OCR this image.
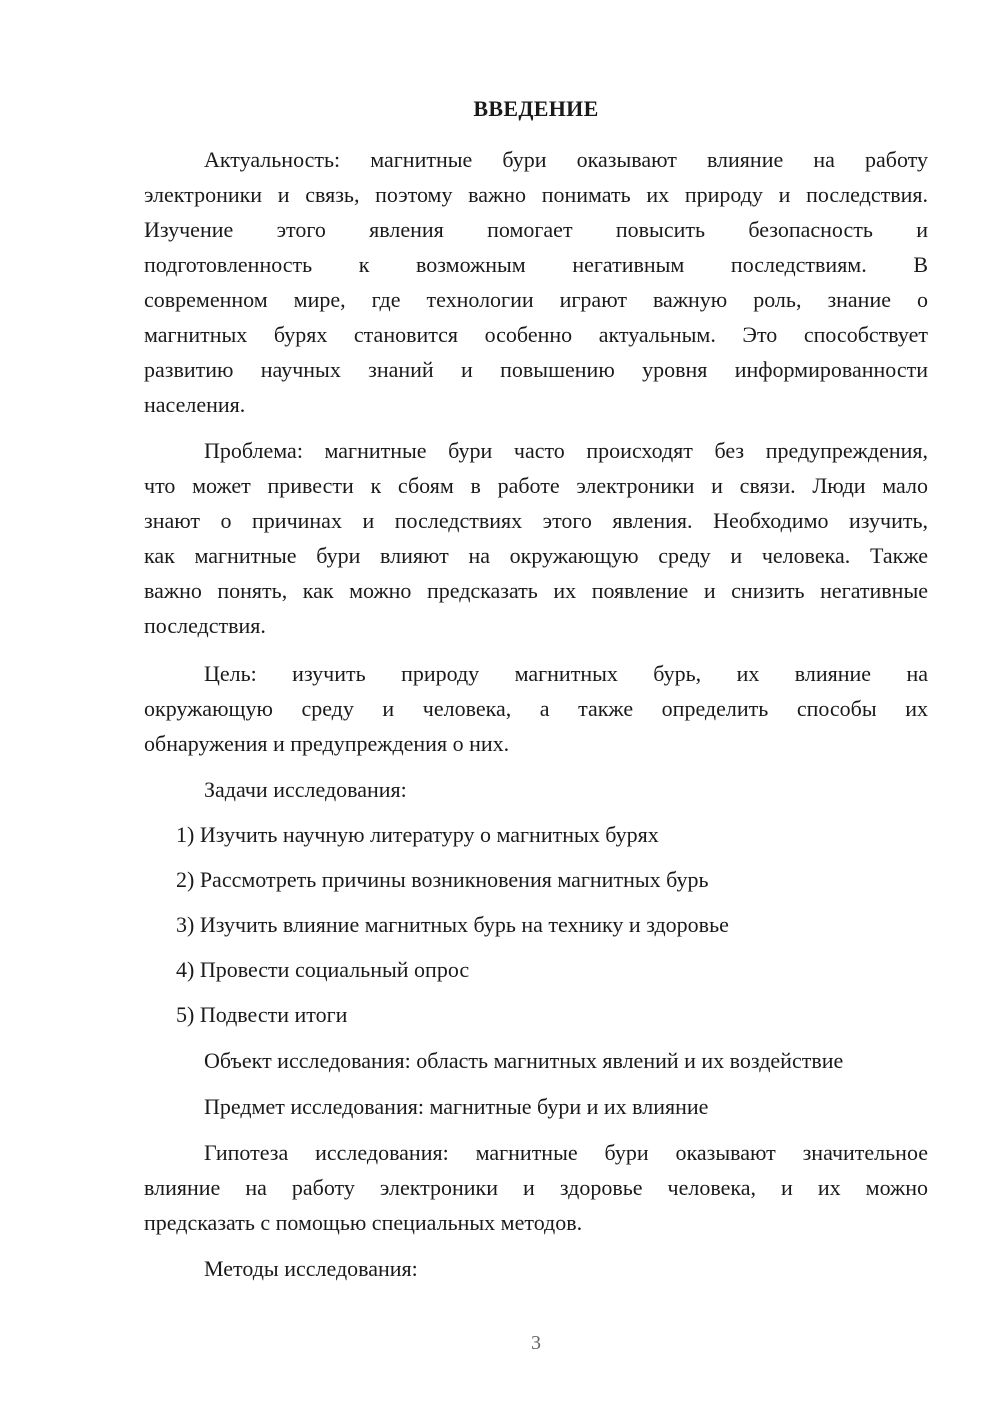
ВВЕДЕНИЕ
Актуальность: магнитные бури оказывают влияние на работу
электроники и связь, поэтому важно понимать их природу и последствия.
Изучение этого явления помогает повысить безопасность и
подготовленность к возможным негативным последствиям. В
современном мире, где технологии играют важную роль, знание о
магнитных бурях становится особенно актуальным. Это способствует
развитию научных знаний и повышению уровня информированности
населения.
Проблема: магнитные бури часто происходят без предупреждения,
что может привести к сбоям в работе электроники и связи. Люди мало
знают о причинах и последствиях этого явления. Необходимо изучить,
как магнитные бури влияют на окружающую среду и человека. Также
важно понять, как можно предсказать их появление и снизить негативные
последствия.
Цель: изучить природу магнитных бурь, их влияние на
окружающую среду и человека, а также определить способы их
обнаружения и предупреждения о них.
Задачи исследования:
1) Изучить научную литературу о магнитных бурях
2) Рассмотреть причины возникновения магнитных бурь
3) Изучить влияние магнитных бурь на технику и здоровье
4) Провести социальный опрос
5) Подвести итоги
Объект исследования: область магнитных явлений и их воздействие
Предмет исследования: магнитные бури и их влияние
Гипотеза исследования: магнитные бури оказывают значительное
влияние на работу электроники и здоровье человека, и их можно
предсказать с помощью специальных методов.
Методы исследования:
3
